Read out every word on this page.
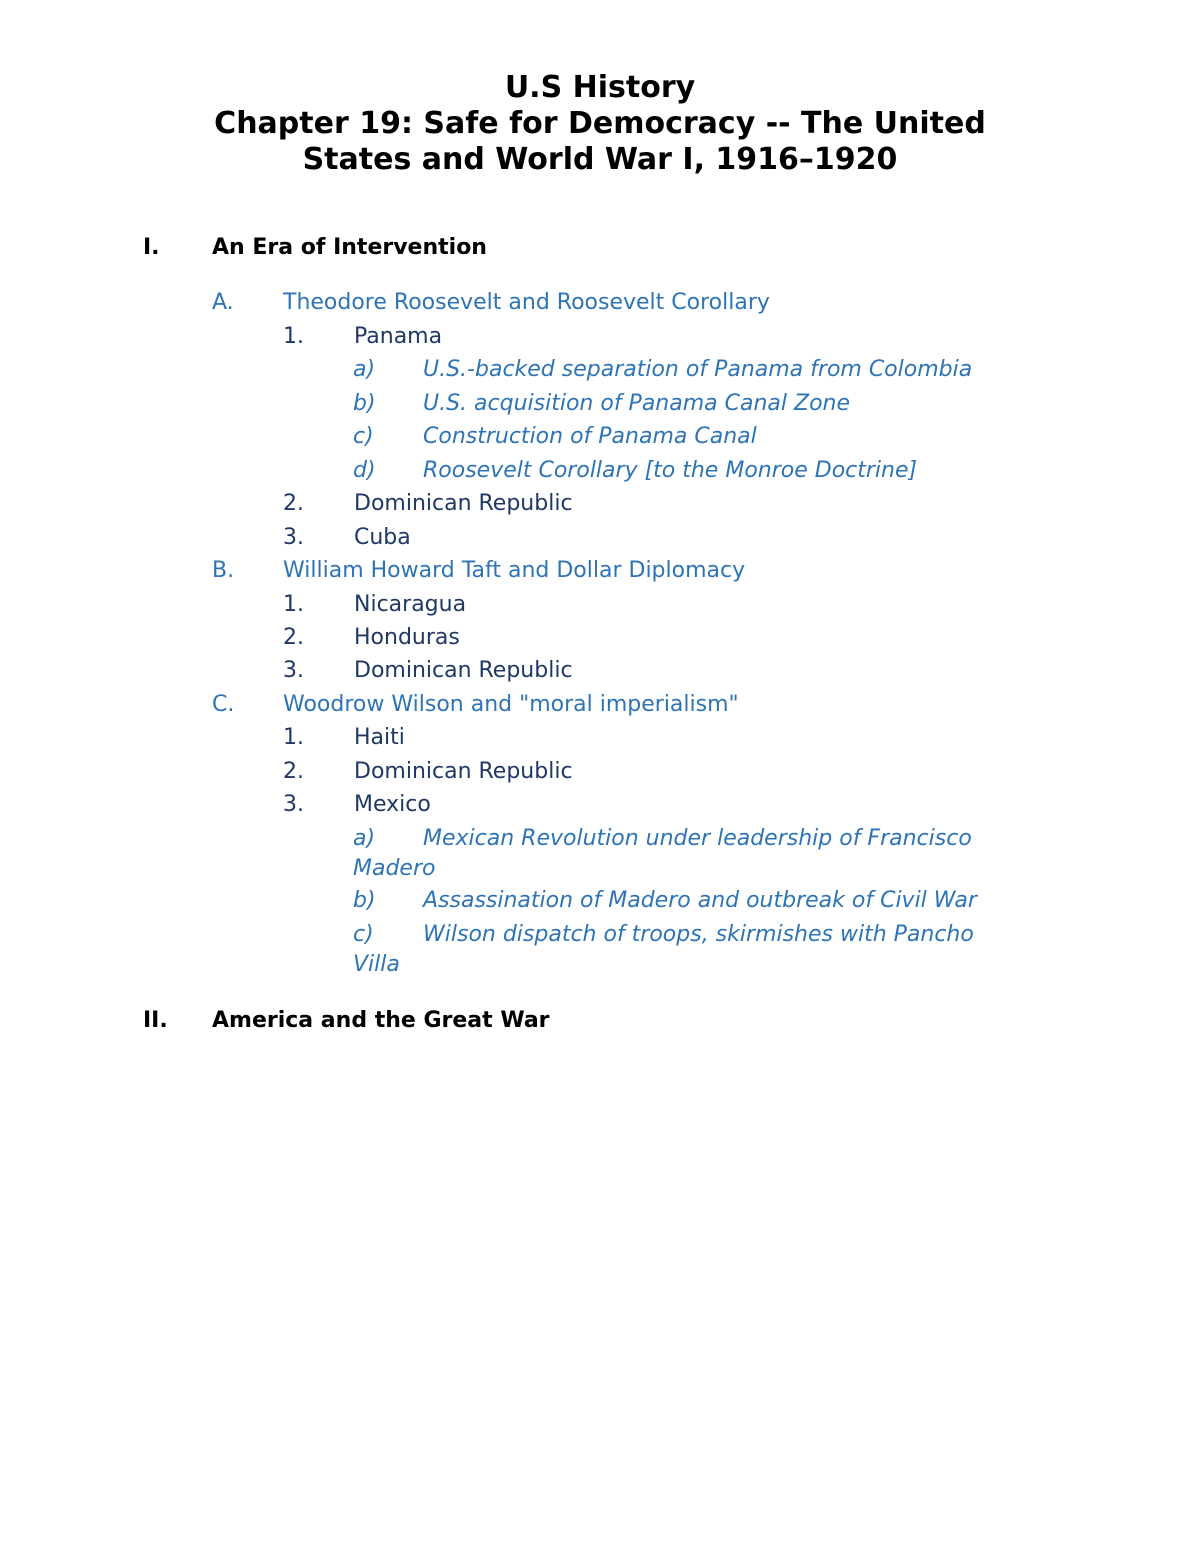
U.S History
Chapter 19: Safe for Democracy -- The United
States and World War I, 1916–1920
I. An Era of Intervention
A. Theodore Roosevelt and Roosevelt Corollary
1. Panama
a) U.S.-backed separation of Panama from Colombia
b) U.S. acquisition of Panama Canal Zone
c) Construction of Panama Canal
d) Roosevelt Corollary [to the Monroe Doctrine]
2. Dominican Republic
3. Cuba
B. William Howard Taft and Dollar Diplomacy
1. Nicaragua
2. Honduras
3. Dominican Republic
C. Woodrow Wilson and "moral imperialism"
1. Haiti
2. Dominican Republic
3. Mexico
a) Mexican Revolution under leadership of Francisco Madero
b) Assassination of Madero and outbreak of Civil War
c) Wilson dispatch of troops, skirmishes with Pancho Villa
II. America and the Great War
